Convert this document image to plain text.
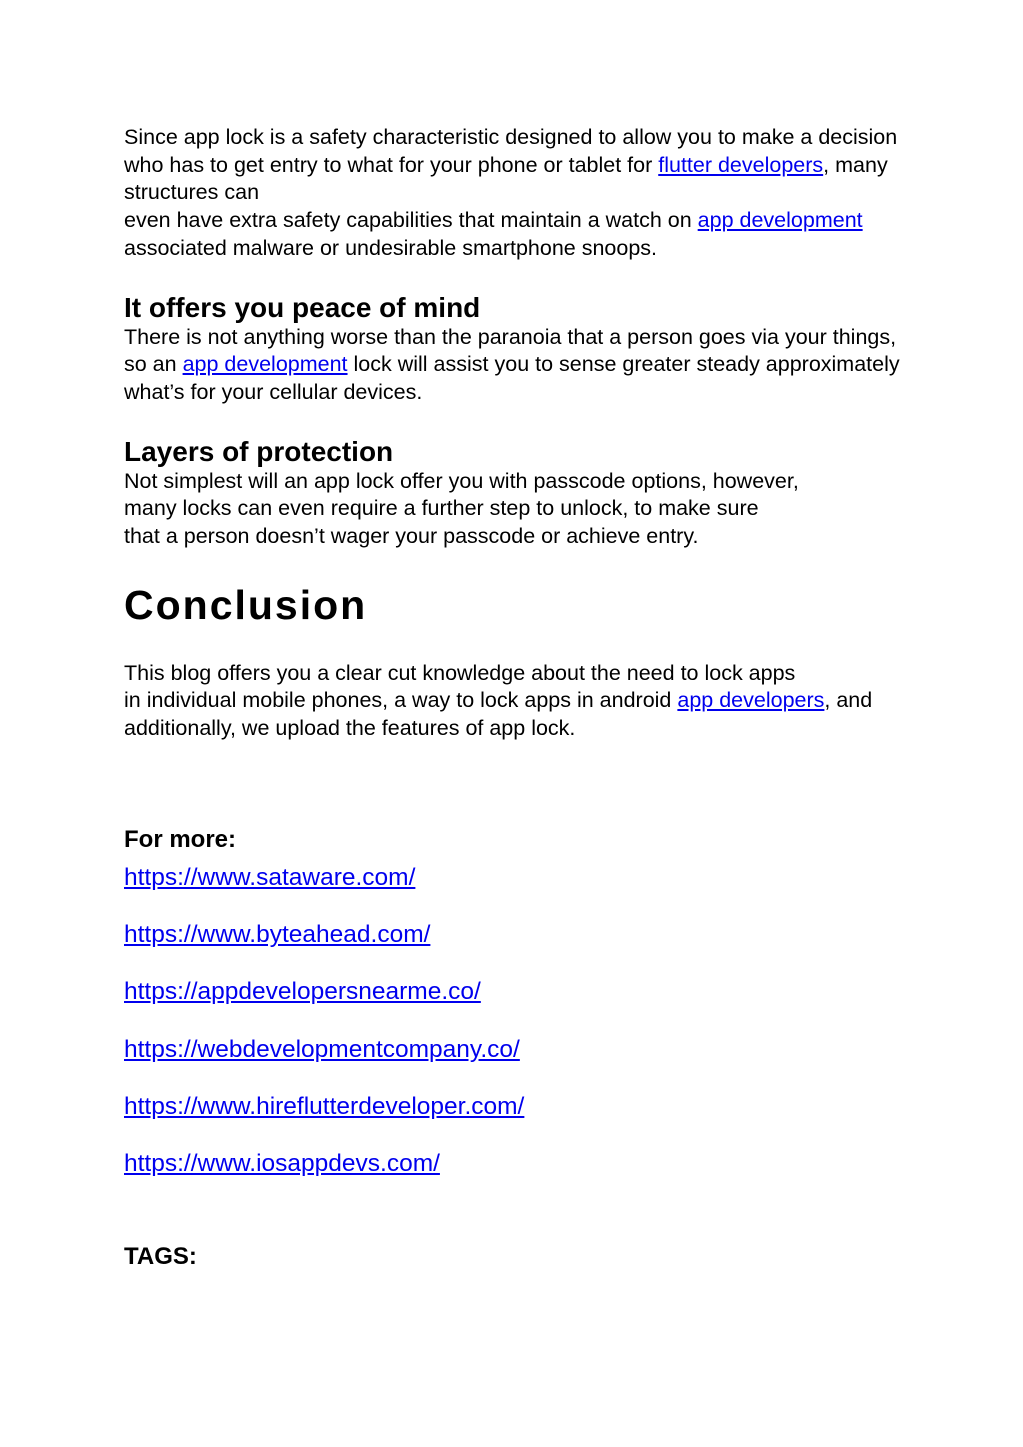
Since app lock is a safety characteristic designed to allow you to make a decision who has to get entry to what for your phone or tablet for flutter developers, many structures can
even have extra safety capabilities that maintain a watch on app development associated malware or undesirable smartphone snoops.

It offers you peace of mind

There is not anything worse than the paranoia that a person goes via your things, so an app development lock will assist you to sense greater steady approximately what’s for your cellular devices.

Layers of protection

Not simplest will an app lock offer you with passcode options, however,
many locks can even require a further step to unlock, to make sure
that a person doesn’t wager your passcode or achieve entry.

Conclusion

This blog offers you a clear cut knowledge about the need to lock apps
in individual mobile phones, a way to lock apps in android app developers, and additionally, we upload the features of app lock.

For more:
https://www.sataware.com/
https://www.byteahead.com/
https://appdevelopersnearme.co/
https://webdevelopmentcompany.co/
https://www.hireflutterdeveloper.com/
https://www.iosappdevs.com/
TAGS:
